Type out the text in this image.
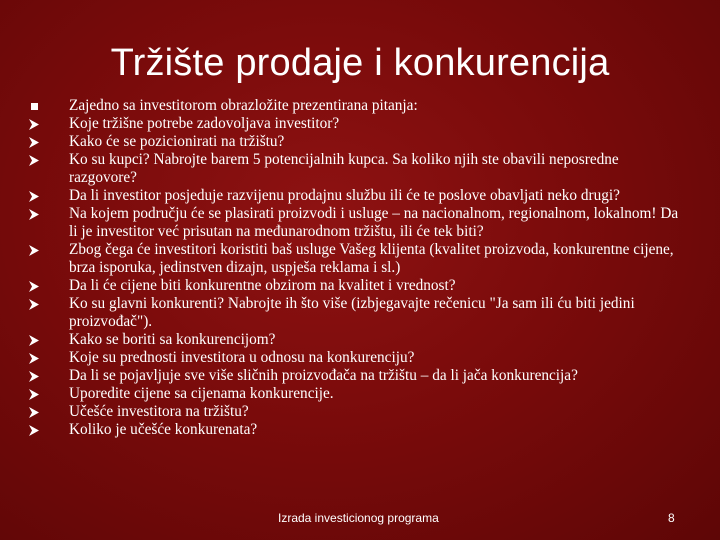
Tržište prodaje i konkurencija
Zajedno sa investitorom obrazložite prezentirana pitanja:
Koje tržišne potrebe zadovoljava investitor?
Kako će se pozicionirati na tržištu?
Ko su kupci? Nabrojte barem 5 potencijalnih kupca. Sa koliko njih ste obavili neposredne razgovore?
Da li investitor posjeduje razvijenu prodajnu službu ili će te poslove obavljati neko drugi?
Na kojem području će se plasirati proizvodi i usluge – na nacionalnom, regionalnom, lokalnom! Da li je investitor već prisutan na međunarodnom tržištu, ili će tek biti?
Zbog čega će investitori koristiti baš usluge Vašeg klijenta (kvalitet proizvoda, konkurentne cijene, brza isporuka, jedinstven dizajn, uspješa reklama i sl.)
Da li će cijene biti konkurentne obzirom na kvalitet i vrednost?
Ko su glavni konkurenti? Nabrojte ih što više (izbjegavajte rečenicu "Ja sam ili ću biti jedini proizvođač").
Kako se boriti sa konkurencijom?
Koje su prednosti investitora u odnosu na konkurenciju?
Da li se pojavljuje sve više sličnih proizvođača na tržištu – da li jača konkurencija?
Uporedite cijene sa cijenama konkurencije.
Učešće investitora na tržištu?
Koliko je učešće konkurenata?
Izrada investicionog programa	8
